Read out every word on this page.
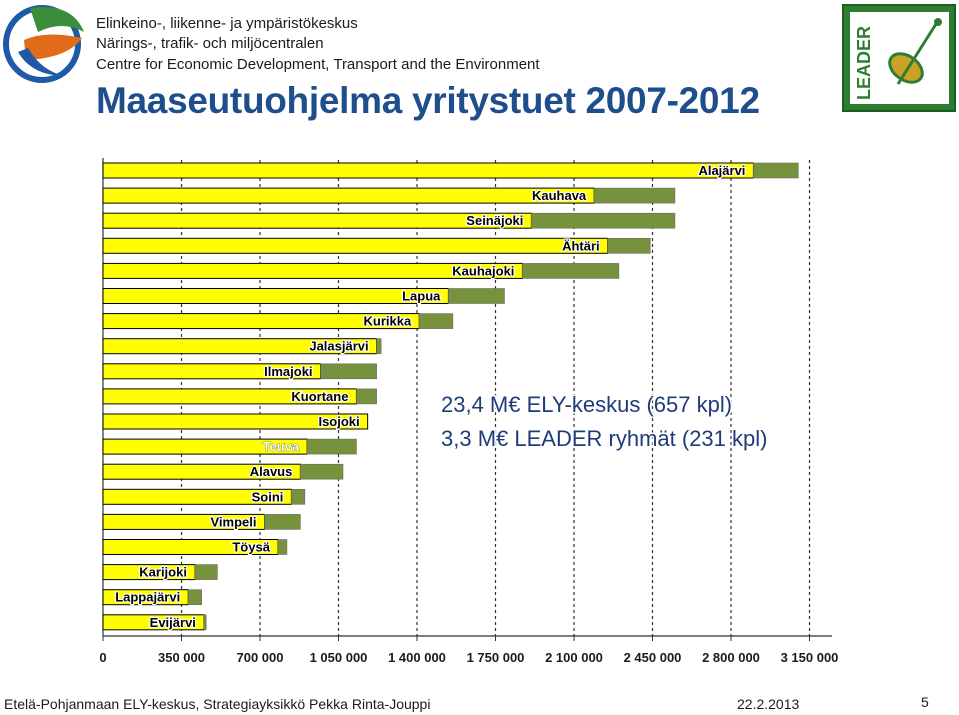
Elinkeino-, liikenne- ja ympäristökeskus
Närings-, trafik- och miljöcentralen
Centre for Economic Development, Transport and the Environment
Maaseutuohjelma yritystuet 2007-2012
LEADER
0	350 000 700 000 1 050 000 1 400 000 1 750 000 2 100 000 2 450 000 2 800 000 3 150 000
Alajärvi
Kauhava
Seinäjoki
Ähtäri
Kauhajoki
Lapua
Kurikka
Jalasjärvi
Ilmajoki
Kuortane
Isojoki
Teuva
Alavus
Soini
Vimpeli
Töysä
Karijoki
Lappajärvi
Evijärvi
23,4 M€ ELY-keskus (657 kpl)
3,3 M€ LEADER ryhmät (231 kpl)
Etelä-Pohjanmaan ELY-keskus, Strategiayksikkö Pekka Rinta-Jouppi	22.2.2013	5
